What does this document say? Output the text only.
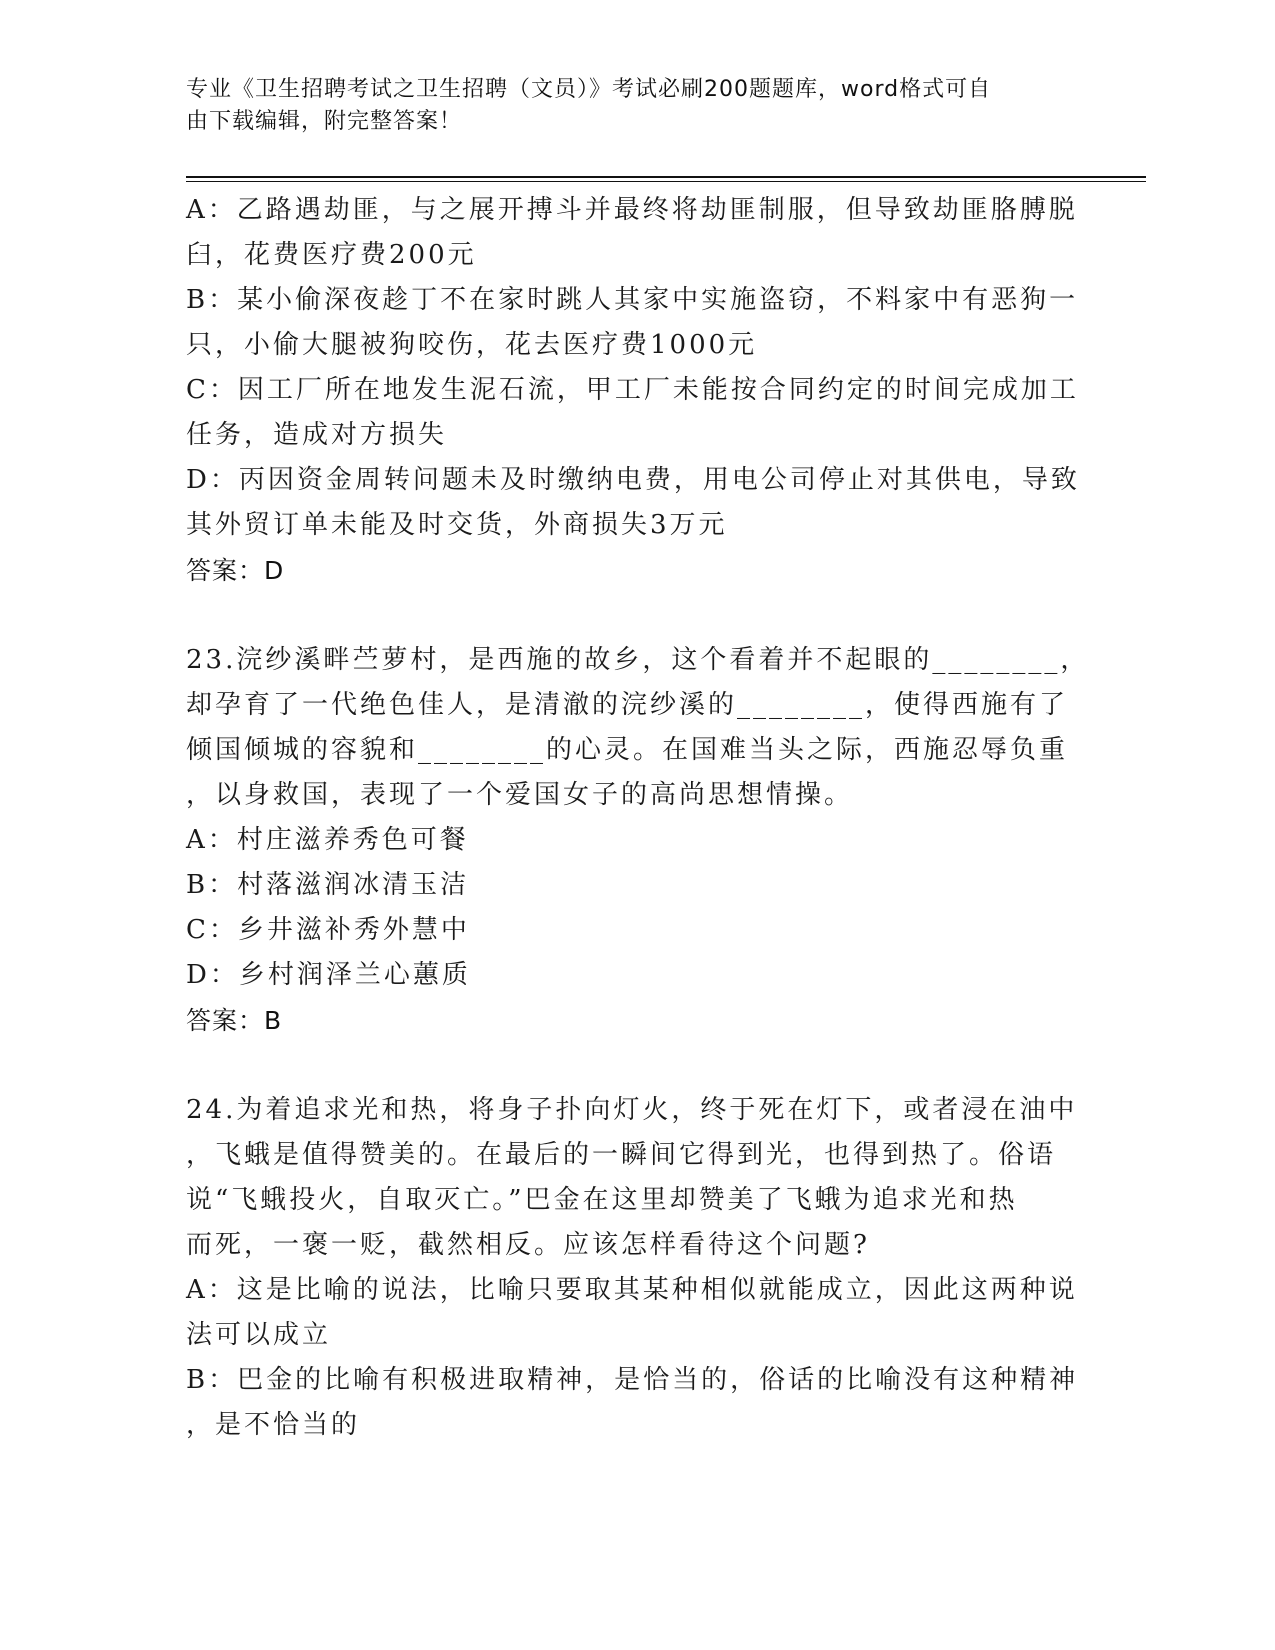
专业《卫生招聘考试之卫生招聘（文员）》考试必刷200题题库，word格式可自
由下载编辑，附完整答案！
A：乙路遇劫匪，与之展开搏斗并最终将劫匪制服，但导致劫匪胳膊脱
臼，花费医疗费200元
B：某小偷深夜趁丁不在家时跳人其家中实施盗窃，不料家中有恶狗一
只，小偷大腿被狗咬伤，花去医疗费1000元
C：因工厂所在地发生泥石流，甲工厂未能按合同约定的时间完成加工
任务，造成对方损失
D：丙因资金周转问题未及时缴纳电费，用电公司停止对其供电，导致
其外贸订单未能及时交货，外商损失3万元
答案：D
23.浣纱溪畔苎萝村，是西施的故乡，这个看着并不起眼的________，
却孕育了一代绝色佳人，是清澈的浣纱溪的________，使得西施有了
倾国倾城的容貌和________的心灵。在国难当头之际，西施忍辱负重
，以身救国，表现了一个爱国女子的高尚思想情操。
A：村庄滋养秀色可餐
B：村落滋润冰清玉洁
C：乡井滋补秀外慧中
D：乡村润泽兰心蕙质
答案：B
24.为着追求光和热，将身子扑向灯火，终于死在灯下，或者浸在油中
，飞蛾是值得赞美的。在最后的一瞬间它得到光，也得到热了。俗语
说“飞蛾投火，自取灭亡。”巴金在这里却赞美了飞蛾为追求光和热
而死，一褒一贬，截然相反。应该怎样看待这个问题?
A：这是比喻的说法，比喻只要取其某种相似就能成立，因此这两种说
法可以成立
B：巴金的比喻有积极进取精神，是恰当的，俗话的比喻没有这种精神
，是不恰当的
